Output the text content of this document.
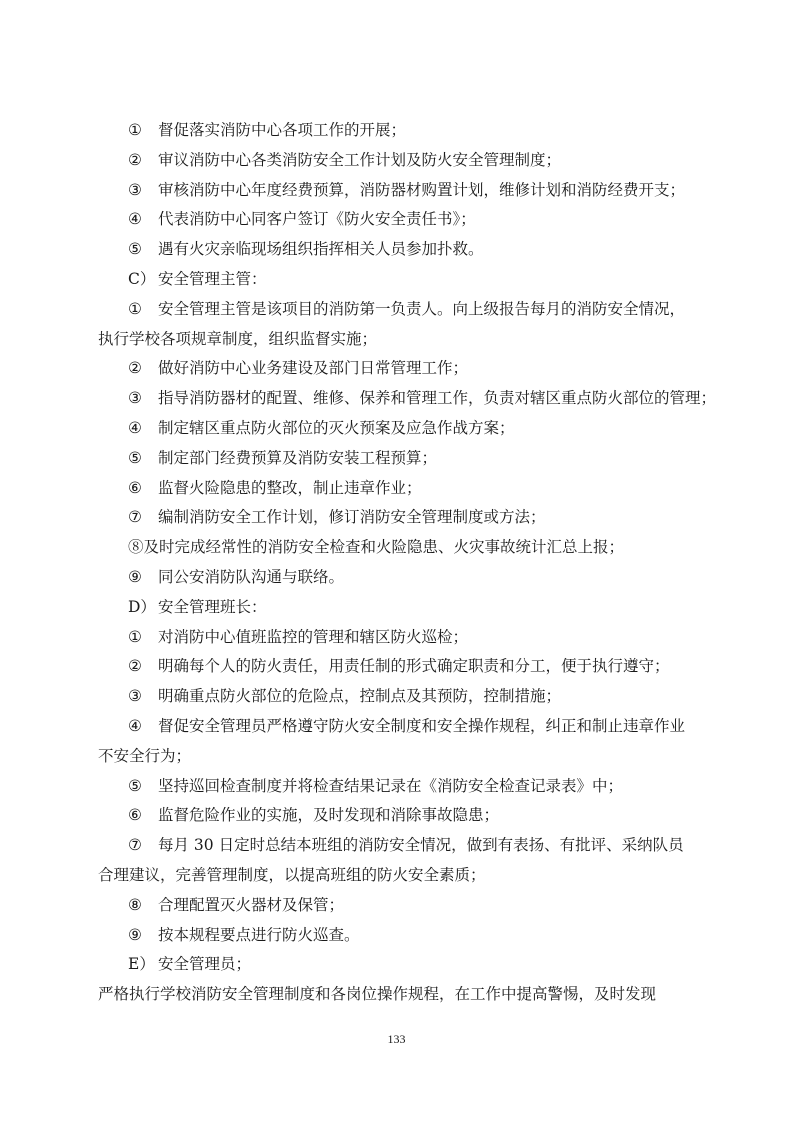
① 督促落实消防中心各项工作的开展；
② 审议消防中心各类消防安全工作计划及防火安全管理制度；
③ 审核消防中心年度经费预算，消防器材购置计划，维修计划和消防经费开支；
④ 代表消防中心同客户签订《防火安全责任书》；
⑤ 遇有火灾亲临现场组织指挥相关人员参加扑救。
C） 安全管理主管：
① 安全管理主管是该项目的消防第一负责人。向上级报告每月的消防安全情况，
执行学校各项规章制度，组织监督实施；
② 做好消防中心业务建设及部门日常管理工作；
③ 指导消防器材的配置、维修、保养和管理工作，负责对辖区重点防火部位的管理；
④ 制定辖区重点防火部位的灭火预案及应急作战方案；
⑤ 制定部门经费预算及消防安装工程预算；
⑥ 监督火险隐患的整改，制止违章作业；
⑦ 编制消防安全工作计划，修订消防安全管理制度或方法；
⑧及时完成经常性的消防安全检查和火险隐患、火灾事故统计汇总上报；
⑨ 同公安消防队沟通与联络。
D） 安全管理班长：
① 对消防中心值班监控的管理和辖区防火巡检；
② 明确每个人的防火责任，用责任制的形式确定职责和分工，便于执行遵守；
③ 明确重点防火部位的危险点，控制点及其预防，控制措施；
④ 督促安全管理员严格遵守防火安全制度和安全操作规程，纠正和制止违章作业
不安全行为；
⑤ 坚持巡回检查制度并将检查结果记录在《消防安全检查记录表》中；
⑥ 监督危险作业的实施，及时发现和消除事故隐患；
⑦ 每月 30 日定时总结本班组的消防安全情况，做到有表扬、有批评、采纳队员
合理建议，完善管理制度，以提高班组的防火安全素质；
⑧ 合理配置灭火器材及保管；
⑨ 按本规程要点进行防火巡查。
E） 安全管理员；
严格执行学校消防安全管理制度和各岗位操作规程，在工作中提高警惕，及时发现
133
